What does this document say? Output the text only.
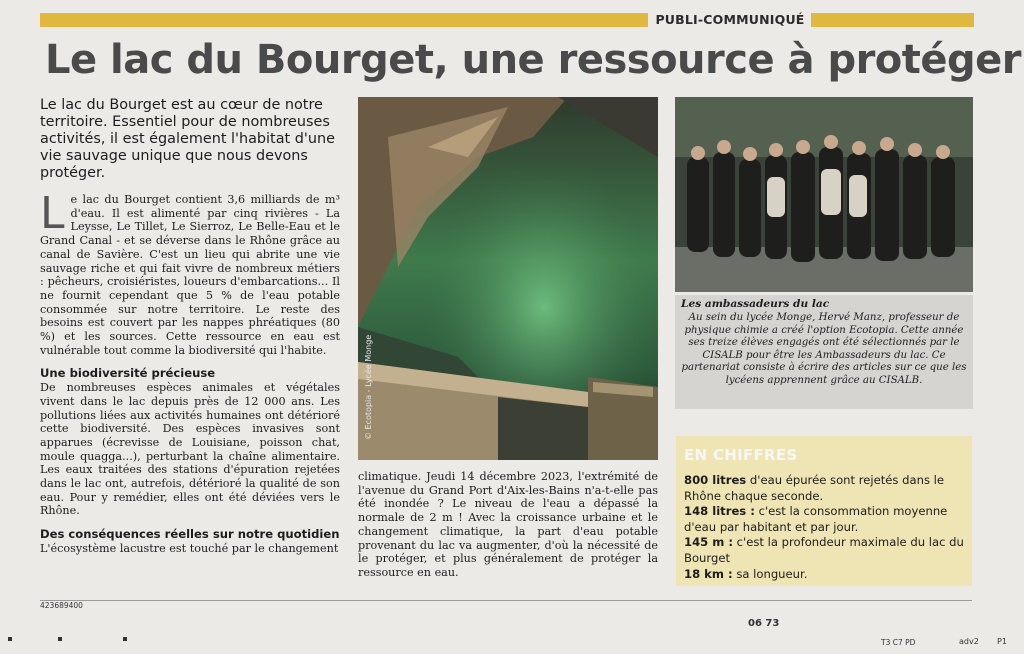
PUBLI-COMMUNIQUÉ
Le lac du Bourget, une ressource à protéger
Le lac du Bourget est au cœur de notre territoire. Essentiel pour de nombreuses activités, il est également l'habitat d'une vie sauvage unique que nous devons protéger.

Le lac du Bourget contient 3,6 milliards de m³ d'eau. Il est alimenté par cinq rivières - La Leysse, Le Tillet, Le Sierroz, Le Belle-Eau et le Grand Canal - et se déverse dans le Rhône grâce au canal de Savière. C'est un lieu qui abrite une vie sauvage riche et qui fait vivre de nombreux métiers : pêcheurs, croisiéristes, loueurs d'embarcations... Il ne fournit cependant que 5 % de l'eau potable consommée sur notre territoire. Le reste des besoins est couvert par les nappes phréatiques (80 %) et les sources. Cette ressource en eau est vulnérable tout comme la biodiversité qui l'habite.

Une biodiversité précieuse

De nombreuses espèces animales et végétales vivent dans le lac depuis près de 12 000 ans. Les pollutions liées aux activités humaines ont détérioré cette biodiversité. Des espèces invasives sont apparues (écrevisse de Louisiane, poisson chat, moule quagga...), perturbant la chaîne alimentaire. Les eaux traitées des stations d'épuration rejetées dans le lac ont, autrefois, détérioré la qualité de son eau. Pour y remédier, elles ont été déviées vers le Rhône.

Des conséquences réelles sur notre quotidien

L'écosystème lacustre est touché par le changement

© Ecotopia - Lycée Monge
climatique. Jeudi 14 décembre 2023, l'extrémité de l'avenue du Grand Port d'Aix-les-Bains n'a-t-elle pas été inondée ? Le niveau de l'eau a dépassé la normale de 2 m ! Avec la croissance urbaine et le changement climatique, la part d'eau potable provenant du lac va augmenter, d'où la nécessité de le protéger, et plus généralement de protéger la ressource en eau.
Les ambassadeurs du lac
Au sein du lycée Monge, Hervé Manz, professeur de physique chimie a créé l'option Ecotopia. Cette année ses treize élèves engagés ont été sélectionnés par le CISALB pour être les Ambassadeurs du lac. Ce partenariat consiste à écrire des articles sur ce que les lycéens apprennent grâce au CISALB.
EN CHIFFRES
800 litres d'eau épurée sont rejetés dans le Rhône chaque seconde.
148 litres : c'est la consommation moyenne d'eau par habitant et par jour.
145 m : c'est la profondeur maximale du lac du Bourget
18 km : sa longueur.
423689400
06 73
T3 C7 PD	adv2 P1
